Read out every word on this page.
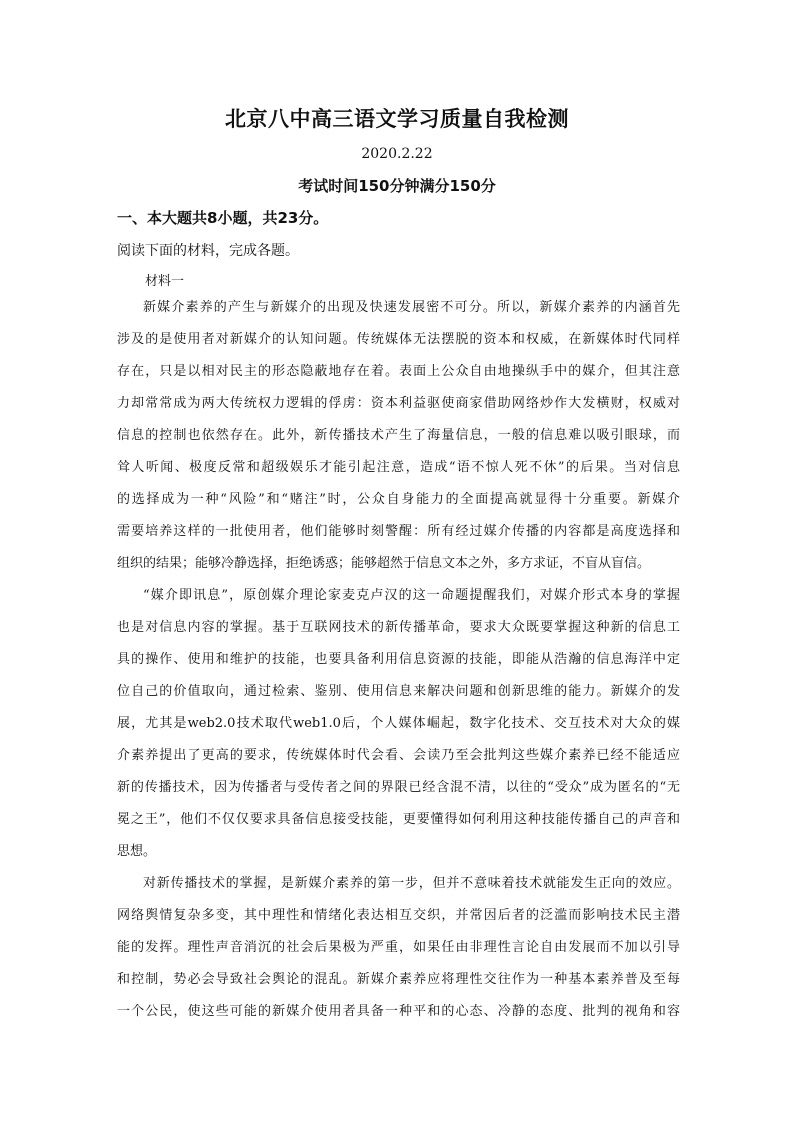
北京八中高三语文学习质量自我检测
2020.2.22
考试时间150分钟满分150分
一、本大题共8小题，共23分。
阅读下面的材料，完成各题。
材料一
新媒介素养的产生与新媒介的出现及快速发展密不可分。所以，新媒介素养的内涵首先
涉及的是使用者对新媒介的认知问题。传统媒体无法摆脱的资本和权威，在新媒体时代同样
存在，只是以相对民主的形态隐蔽地存在着。表面上公众自由地操纵手中的媒介，但其注意
力却常常成为两大传统权力逻辑的俘虏：资本利益驱使商家借助网络炒作大发横财，权威对
信息的控制也依然存在。此外，新传播技术产生了海量信息，一般的信息难以吸引眼球，而
耸人听闻、极度反常和超级娱乐才能引起注意，造成“语不惊人死不休”的后果。当对信息
的选择成为一种“风险”和“赌注”时，公众自身能力的全面提高就显得十分重要。新媒介
需要培养这样的一批使用者，他们能够时刻警醒：所有经过媒介传播的内容都是高度选择和
组织的结果；能够冷静选择，拒绝诱惑；能够超然于信息文本之外，多方求证，不盲从盲信。
“媒介即讯息”，原创媒介理论家麦克卢汉的这一命题提醒我们，对媒介形式本身的掌握
也是对信息内容的掌握。基于互联网技术的新传播革命，要求大众既要掌握这种新的信息工
具的操作、使用和维护的技能，也要具备利用信息资源的技能，即能从浩瀚的信息海洋中定
位自己的价值取向，通过检索、鉴别、使用信息来解决问题和创新思维的能力。新媒介的发
展，尤其是web2.0技术取代web1.0后，个人媒体崛起，数字化技术、交互技术对大众的媒
介素养提出了更高的要求，传统媒体时代会看、会读乃至会批判这些媒介素养已经不能适应
新的传播技术，因为传播者与受传者之间的界限已经含混不清，以往的“受众”成为匿名的“无
冕之王”，他们不仅仅要求具备信息接受技能，更要懂得如何利用这种技能传播自己的声音和
思想。
对新传播技术的掌握，是新媒介素养的第一步，但并不意味着技术就能发生正向的效应。
网络舆情复杂多变，其中理性和情绪化表达相互交织，并常因后者的泛滥而影响技术民主潜
能的发挥。理性声音消沉的社会后果极为严重，如果任由非理性言论自由发展而不加以引导
和控制，势必会导致社会舆论的混乱。新媒介素养应将理性交往作为一种基本素养普及至每
一个公民，使这些可能的新媒介使用者具备一种平和的心态、冷静的态度、批判的视角和容
